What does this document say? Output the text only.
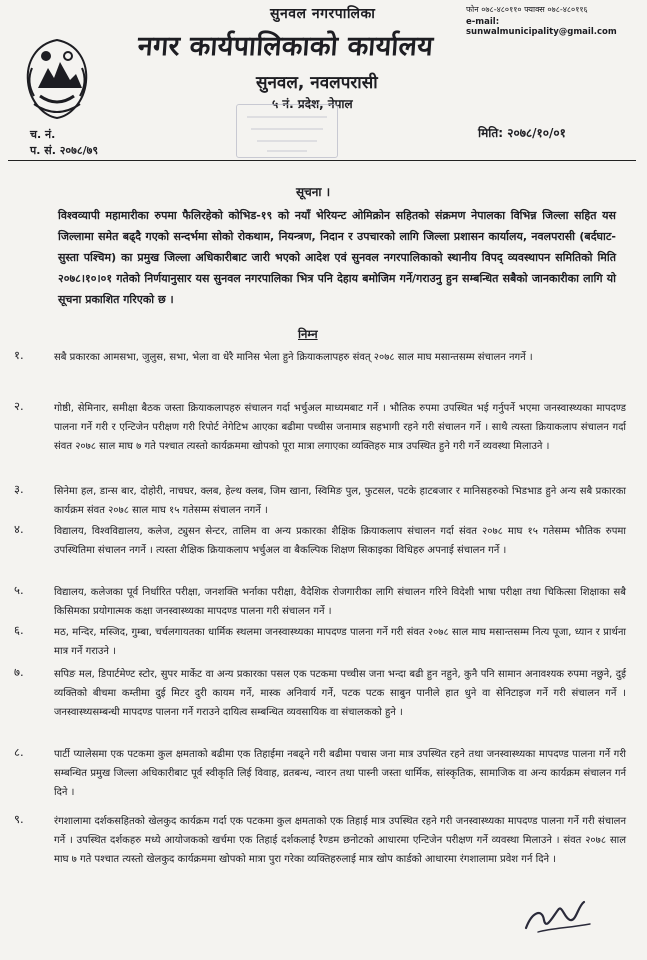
फोन ०७८-४८०११० फ्याक्स ०७८-४८०११६
e-mail: sunwalmunicipality@gmail.com
सुनवल नगरपालिका
नगर कार्यपालिकाको कार्यालय
सुनवल, नवलपरासी
५ नं. प्रदेश, नेपाल
च. नं.
प. सं. २०७८/७९
मिति: २०७८/१०/०१
सूचना ।
विश्वव्यापी महामारीका रुपमा फैलिरहेको कोभिड-१९ को नयाँ भेरियन्ट ओमिक्रोन सहितको संक्रमण नेपालका विभिन्न जिल्ला सहित यस जिल्लामा समेत बढ्दै गएको सन्दर्भमा सोको रोकथाम, नियन्त्रण, निदान र उपचारको लागि जिल्ला प्रशासन कार्यालय, नवलपरासी (बर्दघाट-सुस्ता पश्चिम) का प्रमुख जिल्ला अधिकारीबाट जारी भएको आदेश एवं सुनवल नगरपालिकाको स्थानीय विपद् व्यवस्थापन समितिको मिति २०७८।१०।०१ गतेको निर्णयानुसार यस सुनवल नगरपालिका भित्र पनि देहाय बमोजिम गर्ने/गराउनु हुन सम्बन्धित सबैको जानकारीका लागि यो सूचना प्रकाशित गरिएको छ ।
निम्न
१.	सबै प्रकारका आमसभा, जुलुस, सभा, भेला वा धेरै मानिस भेला हुने क्रियाकलापहरु संवत् २०७८ साल माघ मसान्तसम्म संचालन नगर्ने ।
२.	गोष्ठी, सेमिनार, समीक्षा बैठक जस्ता क्रियाकलापहरु संचालन गर्दा भर्चुअल माध्यमबाट गर्ने । भौतिक रुपमा उपस्थित भई गर्नुपर्ने भएमा जनस्वास्थ्यका मापदण्ड पालना गर्ने गरी र एन्टिजेन परीक्षण गरी रिपोर्ट नेगेटिभ आएका बढीमा पच्चीस जनामात्र सहभागी रहने गरी संचालन गर्ने । साथै त्यस्ता क्रियाकलाप संचालन गर्दा संवत २०७८ साल माघ ७ गते पश्चात त्यस्तो कार्यक्रममा खोपको पूरा मात्रा लगाएका व्यक्तिहरु मात्र उपस्थित हुने गरी गर्ने व्यवस्था मिलाउने ।
३.	सिनेमा हल, डान्स बार, दोहोरी, नाचघर, क्लब, हेल्थ क्लब, जिम खाना, स्विमिङ पुल, फुटसल, पटके हाटबजार र मानिसहरुको भिडभाड हुने अन्य सबै प्रकारका कार्यक्रम संवत २०७८ साल माघ १५ गतेसम्म संचालन नगर्ने ।
४.	विद्यालय, विश्वविद्यालय, कलेज, ट्युसन सेन्टर, तालिम वा अन्य प्रकारका शैक्षिक क्रियाकलाप संचालन गर्दा संवत २०७८ माघ १५ गतेसम्म भौतिक रुपमा उपस्थितिमा संचालन नगर्ने । त्यस्ता शैक्षिक क्रियाकलाप भर्चुअल वा बैकल्पिक शिक्षण सिकाइका विधिहरु अपनाई संचालन गर्ने ।
५.	विद्यालय, कलेजका पूर्व निर्धारित परीक्षा, जनशक्ति भर्नाका परीक्षा, वैदेशिक रोजगारीका लागि संचालन गरिने विदेशी भाषा परीक्षा तथा चिकित्सा शिक्षाका सबै किसिमका प्रयोगात्मक कक्षा जनस्वास्थ्यका मापदण्ड पालना गरी संचालन गर्ने ।
६.	मठ, मन्दिर, मस्जिद, गुम्बा, चर्चलगायतका धार्मिक स्थलमा जनस्वास्थ्यका मापदण्ड पालना गर्ने गरी संवत २०७८ साल माघ मसान्तसम्म नित्य पूजा, ध्यान र प्रार्थना मात्र गर्ने गराउने ।
७.	सपिङ मल, डिपार्टमेण्ट स्टोर, सुपर मार्केट वा अन्य प्रकारका पसल एक पटकमा पच्चीस जना भन्दा बढी हुन नहुने, कुनै पनि सामान अनावश्यक रुपमा नछुने, दुई व्यक्तिको बीचमा कम्तीमा दुई मिटर दुरी कायम गर्ने, मास्क अनिवार्य गर्ने, पटक पटक साबुन पानीले हात धुने वा सेनिटाइज गर्ने गरी संचालन गर्ने । जनस्वास्थ्यसम्बन्धी मापदण्ड पालना गर्ने गराउने दायित्व सम्बन्धित व्यवसायिक वा संचालकको हुने ।
८.	पार्टी प्यालेसमा एक पटकमा कुल क्षमताको बढीमा एक तिहाईमा नबढ्ने गरी बढीमा पचास जना मात्र उपस्थित रहने तथा जनस्वास्थ्यका मापदण्ड पालना गर्ने गरी सम्बन्धित प्रमुख जिल्ला अधिकारीबाट पूर्व स्वीकृति लिई विवाह, व्रतबन्ध, न्वारन तथा पास्नी जस्ता धार्मिक, सांस्कृतिक, सामाजिक वा अन्य कार्यक्रम संचालन गर्न दिने ।
९.	रंगशालामा दर्शकसहितको खेलकुद कार्यक्रम गर्दा एक पटकमा कुल क्षमताको एक तिहाई मात्र उपस्थित रहने गरी जनस्वास्थ्यका मापदण्ड पालना गर्ने गरी संचालन गर्ने । उपस्थित दर्शकहरु मध्ये आयोजकको खर्चमा एक तिहाई दर्शकलाई रैण्डम छनोटको आधारमा एन्टिजेन परीक्षण गर्ने व्यवस्था मिलाउने । संवत २०७८ साल माघ ७ गते पश्चात त्यस्तो खेलकुद कार्यक्रममा खोपको मात्रा पुरा गरेका व्यक्तिहरुलाई मात्र खोप कार्डको आधारमा रंगशालामा प्रवेश गर्न दिने ।
